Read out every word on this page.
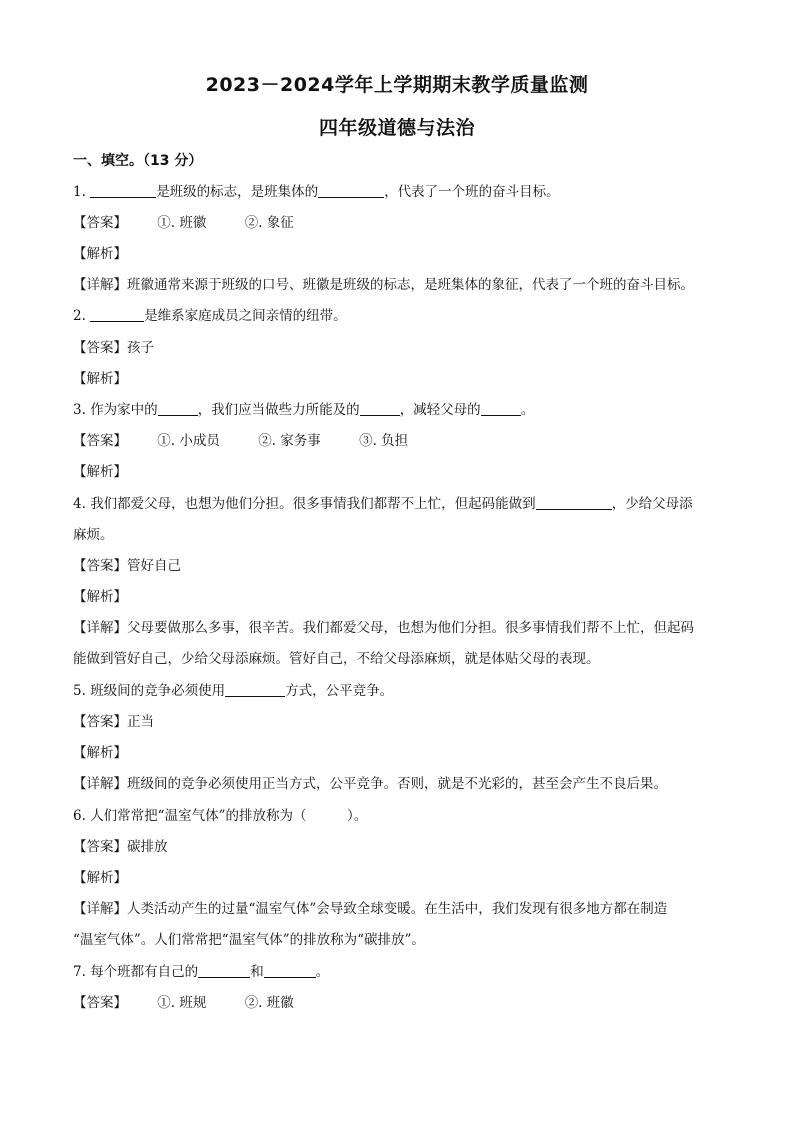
2023－2024学年上学期期末教学质量监测
四年级道德与法治
一、填空。（13 分）
1.	是班级的标志，是班集体的	，代表了一个班的奋斗目标。
【答案】 ①. 班徽	②. 象征
【解析】
【详解】班徽通常来源于班级的口号、班徽是班级的标志，是班集体的象征，代表了一个班的奋斗目标。
2.	是维系家庭成员之间亲情的纽带。
【答案】孩子
【解析】
3. 作为家中的	，我们应当做些力所能及的	，减轻父母的	。
【答案】 ①. 小成员	②. 家务事	③. 负担
【解析】
4. 我们都爱父母，也想为他们分担。很多事情我们都帮不上忙，但起码能做到	，少给父母添
麻烦。
【答案】管好自己
【解析】
【详解】父母要做那么多事，很辛苦。我们都爱父母，也想为他们分担。很多事情我们帮不上忙，但起码
能做到管好自己，少给父母添麻烦。管好自己，不给父母添麻烦，就是体贴父母的表现。
5. 班级间的竞争必须使用	方式，公平竞争。
【答案】正当
【解析】
【详解】班级间的竞争必须使用正当方式，公平竞争。否则，就是不光彩的，甚至会产生不良后果。
6. 人们常常把“温室气体”的排放称为（　　　）。
【答案】碳排放
【解析】
【详解】人类活动产生的过量“温室气体”会导致全球变暖。在生活中，我们发现有很多地方都在制造
“温室气体”。人们常常把“温室气体”的排放称为“碳排放”。
7. 每个班都有自己的	和	。
【答案】 ①. 班规	②. 班徽
